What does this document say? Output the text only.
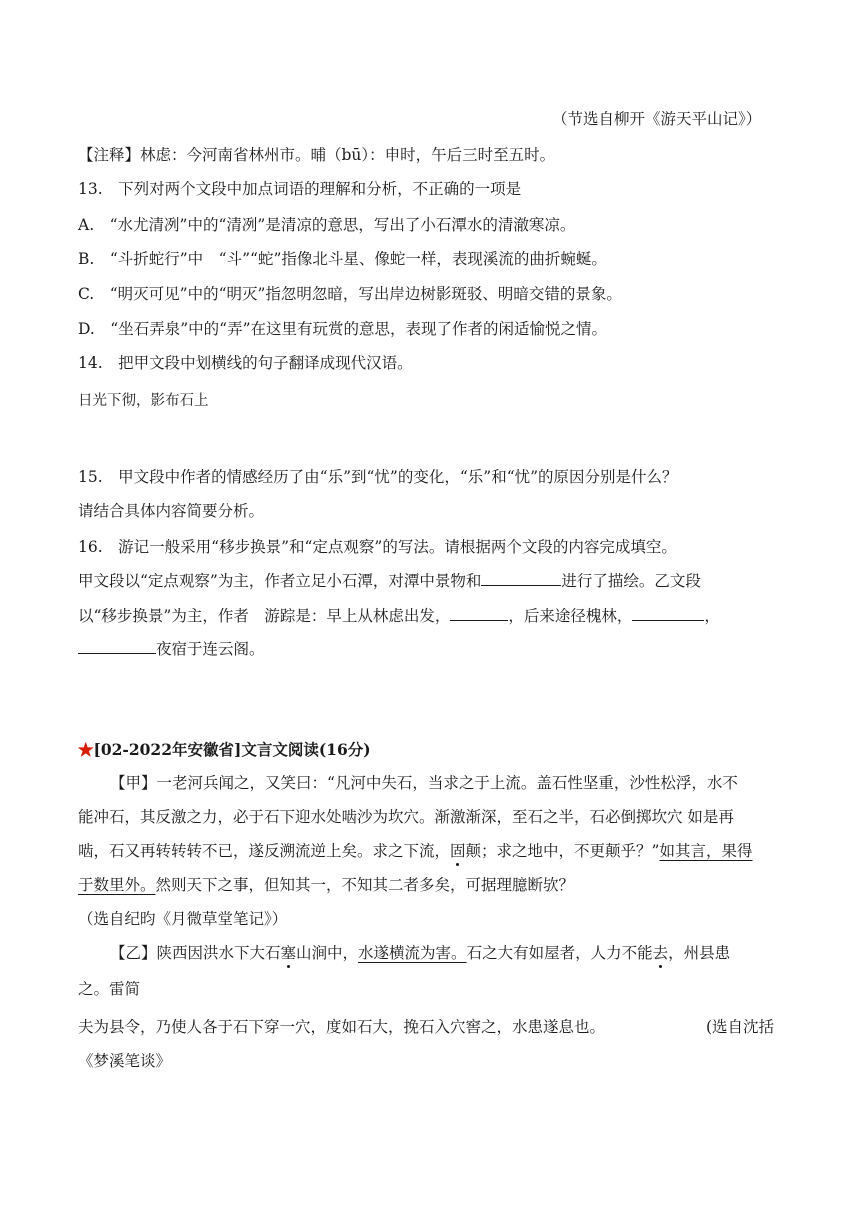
（节选自柳开《游天平山记》）
【注释】林虑：今河南省林州市。晡（bū）：申时，午后三时至五时。
13.　下列对两个文段中加点词语的理解和分析，不正确的一项是
A.　“水尤清冽”中的“清冽”是清凉的意思，写出了小石潭水的清澈寒凉。
B.　“斗折蛇行”中　“斗”“蛇”指像北斗星、像蛇一样，表现溪流的曲折蜿蜒。
C.　“明灭可见”中的“明灭”指忽明忽暗，写出岸边树影斑驳、明暗交错的景象。
D.　“坐石弄泉”中的“弄”在这里有玩赏的意思，表现了作者的闲适愉悦之情。
14.　把甲文段中划横线的句子翻译成现代汉语。
日光下彻，影布石上
15.　甲文段中作者的情感经历了由“乐”到“忧”的变化，“乐”和“忧”的原因分别是什么？
请结合具体内容简要分析。
16.　游记一般采用“移步换景”和“定点观察”的写法。请根据两个文段的内容完成填空。
甲文段以“定点观察”为主，作者立足小石潭，对潭中景物和	进行了描绘。乙文段
以“移步换景”为主，作者　游踪是：早上从林虑出发，	，后来途径槐林，	，
夜宿于连云阁。
★[02-2022年安徽省]文言文阅读(16分)
【甲】一老河兵闻之，又笑曰：“凡河中失石，当求之于上流。盖石性坚重，沙性松浮，水不
能冲石，其反激之力，必于石下迎水处啮沙为坎穴。渐激渐深，至石之半，石必倒掷坎穴 如是再
啮，石又再转转转不已，遂反溯流逆上矣。求之下流，固颠；求之地中，不更颠乎？”如其言，果得
于数里外。然则天下之事，但知其一，不知其二者多矣，可据理臆断欤？
（选自纪昀《月微草堂笔记》）
【乙】陕西因洪水下大石塞山涧中，水遂横流为害。石之大有如屋者，人力不能去，州县患
之。雷简
夫为县令，乃使人各于石下穿一穴，度如石大，挽石入穴窖之，水患遂息也。	(选自沈括
《梦溪笔谈》
